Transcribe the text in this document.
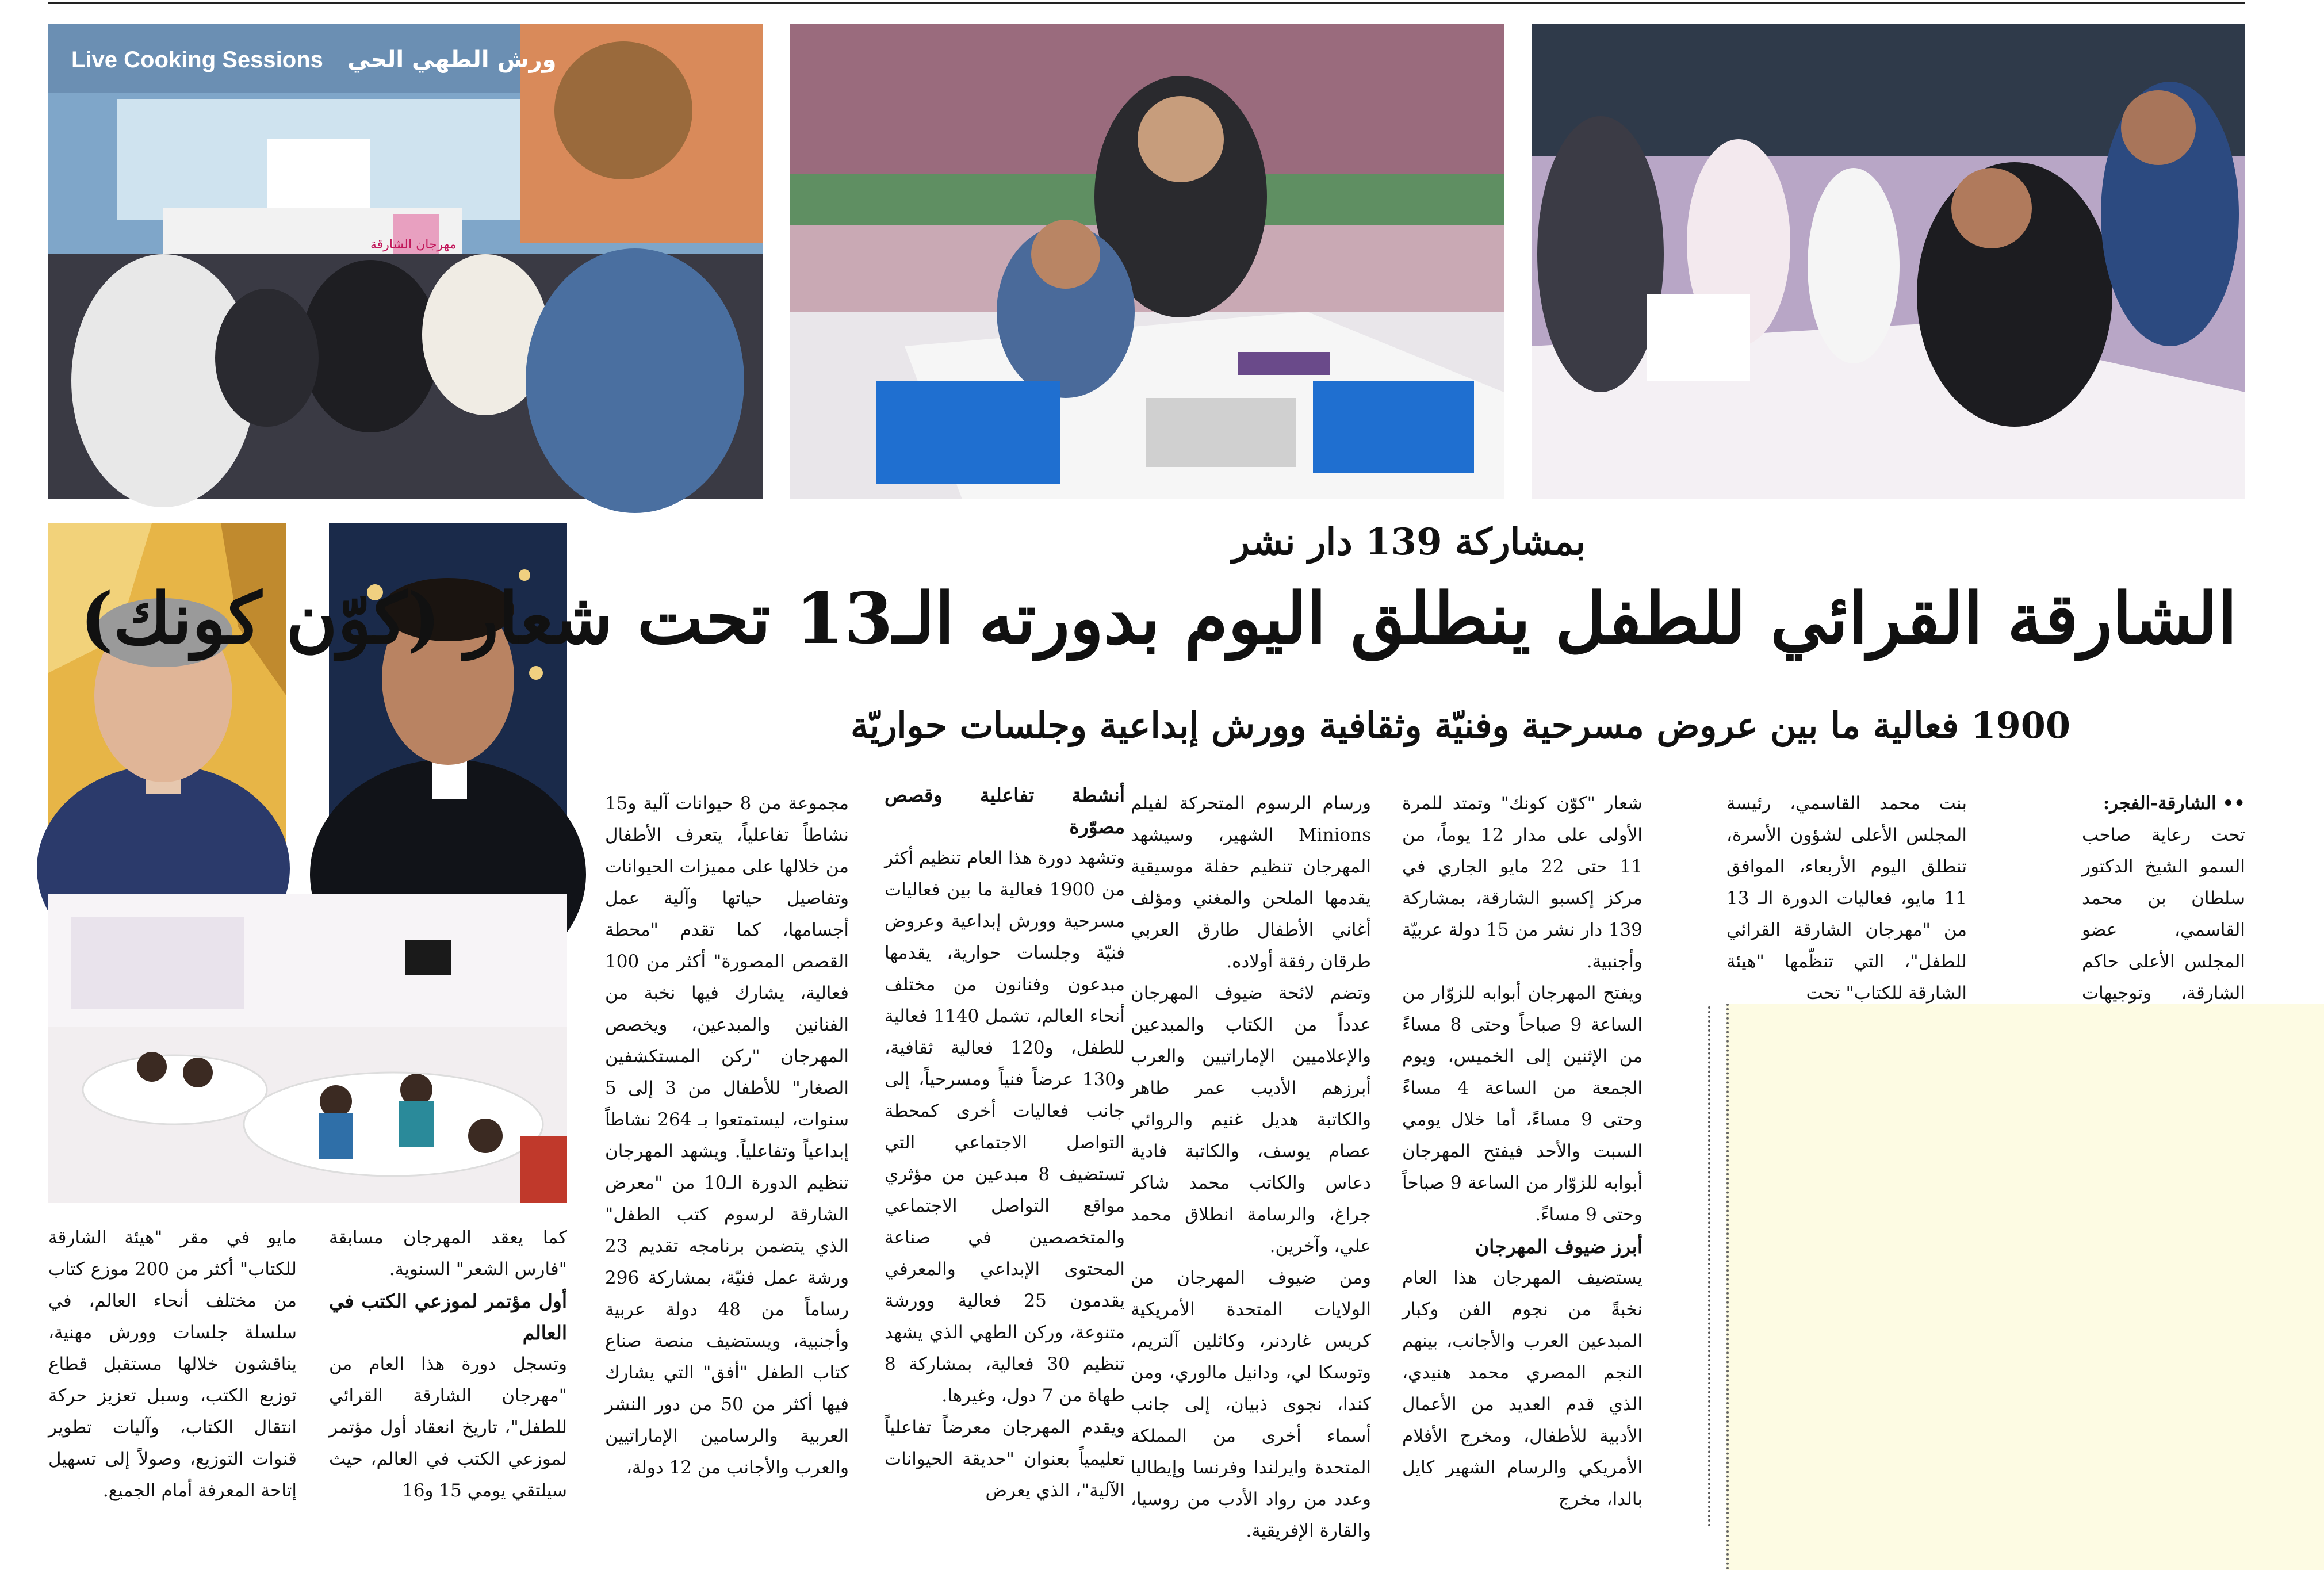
Live Cooking Sessions ورش الطهي الحي
مهرجان الشارقة
بمشاركة 139 دار نشر
الشارقة القرائي للطفل ينطلق اليوم بدورته الـ13 تحت شعار (كوّن كونك)
1900 فعالية ما بين عروض مسرحية وفنيّة وثقافية وورش إبداعية وجلسات حواريّة

•• الشارقة-الفجر:

تحت رعاية صاحب السمو الشيخ الدكتور سلطان بن محمد القاسمي، عضو المجلس الأعلى حاكم الشارقة، وتوجيهات

بنت محمد القاسمي، رئيسة المجلس الأعلى لشؤون الأسرة، تنطلق اليوم الأربعاء، الموافق 11 مايو، فعاليات الدورة الـ 13 من "مهرجان الشارقة القرائي للطفل"، التي تنظّمها "هيئة الشارقة للكتاب" تحت

شعار "كوّن كونك" وتمتد للمرة الأولى على مدار 12 يوماً، من 11 حتى 22 مايو الجاري في مركز إكسبو الشارقة، بمشاركة 139 دار نشر من 15 دولة عربيّة وأجنبية.

ويفتح المهرجان أبوابه للزوّار من الساعة 9 صباحاً وحتى 8 مساءً من الإثنين إلى الخميس، ويوم الجمعة من الساعة 4 مساءً وحتى 9 مساءً، أما خلال يومي السبت والأحد فيفتح المهرجان أبوابه للزوّار من الساعة 9 صباحاً وحتى 9 مساءً.

أبرز ضيوف المهرجان

يستضيف المهرجان هذا العام نخبةً من نجوم الفن وكبار المبدعين العرب والأجانب، بينهم النجم المصري محمد هنيدي، الذي قدم العديد من الأعمال الأدبية للأطفال، ومخرج الأفلام الأمريكي والرسام الشهير كايل بالدا، مخرج

ورسام الرسوم المتحركة لفيلم Minions الشهير، وسيشهد المهرجان تنظيم حفلة موسيقية يقدمها الملحن والمغني ومؤلف أغاني الأطفال طارق العربي طرقان رفقة أولاده.

وتضم لائحة ضيوف المهرجان عدداً من الكتاب والمبدعين والإعلاميين الإماراتيين والعرب أبرزهم الأديب عمر طاهر والكاتبة هديل غنيم والروائي عصام يوسف، والكاتبة فادية دعاس والكاتب محمد شاكر جراغ، والرسامة انطلاق محمد علي، وآخرين.

ومن ضيوف المهرجان من الولايات المتحدة الأمريكية كريس غاردنر، وكاثلين آلتريم، وتوسكا لي، ودانيل مالوري، ومن كندا، نجوى ذبيان، إلى جانب أسماء أخرى من المملكة المتحدة وايرلندا وفرنسا وإيطاليا وعدد من رواد الأدب من روسيا، والقارة الإفريقية.

أنشطة تفاعلية وقصص مصوّرة

وتشهد دورة هذا العام تنظيم أكثر من 1900 فعالية ما بين فعاليات مسرحية وورش إبداعية وعروض فنيّة وجلسات حوارية، يقدمها مبدعون وفنانون من مختلف أنحاء العالم، تشمل 1140 فعالية للطفل، و120 فعالية ثقافية، و130 عرضاً فنياً ومسرحياً، إلى جانب فعاليات أخرى كمحطة التواصل الاجتماعي التي تستضيف 8 مبدعين من مؤثري مواقع التواصل الاجتماعي والمتخصصين في صناعة المحتوى الإبداعي والمعرفي يقدمون 25 فعالية وورشة متنوعة، وركن الطهي الذي يشهد تنظيم 30 فعالية، بمشاركة 8 طهاة من 7 دول، وغيرها.

ويقدم المهرجان معرضاً تفاعلياً تعليمياً بعنوان "حديقة الحيوانات الآلية"، الذي يعرض

مجموعة من 8 حيوانات آلية و15 نشاطاً تفاعلياً، يتعرف الأطفال من خلالها على مميزات الحيوانات وتفاصيل حياتها وآلية عمل أجسامها، كما تقدم "محطة القصص المصورة" أكثر من 100 فعالية، يشارك فيها نخبة من الفنانين والمبدعين، ويخصص المهرجان "ركن المستكشفين الصغار" للأطفال من 3 إلى 5 سنوات، ليستمتعوا بـ 264 نشاطاً إبداعياً وتفاعلياً. ويشهد المهرجان تنظيم الدورة الـ10 من "معرض الشارقة لرسوم كتب الطفل" الذي يتضمن برنامجه تقديم 23 ورشة عمل فنيّة، بمشاركة 296 رساماً من 48 دولة عربية وأجنبية، ويستضيف منصة صناع كتاب الطفل "أفق" التي يشارك فيها أكثر من 50 من دور النشر العربية والرسامين الإماراتيين والعرب والأجانب من 12 دولة،

كما يعقد المهرجان مسابقة "فارس الشعر" السنوية.

أول مؤتمر لموزعي الكتب في العالم

وتسجل دورة هذا العام من "مهرجان الشارقة القرائي للطفل"، تاريخ انعقاد أول مؤتمر لموزعي الكتب في العالم، حيث سيلتقي يومي 15 و16

مايو في مقر "هيئة الشارقة للكتاب" أكثر من 200 موزع كتاب من مختلف أنحاء العالم، في سلسلة جلسات وورش مهنية، يناقشون خلالها مستقبل قطاع توزيع الكتب، وسبل تعزيز حركة انتقال الكتاب، وآليات تطوير قنوات التوزيع، وصولاً إلى تسهيل إتاحة المعرفة أمام الجميع.
